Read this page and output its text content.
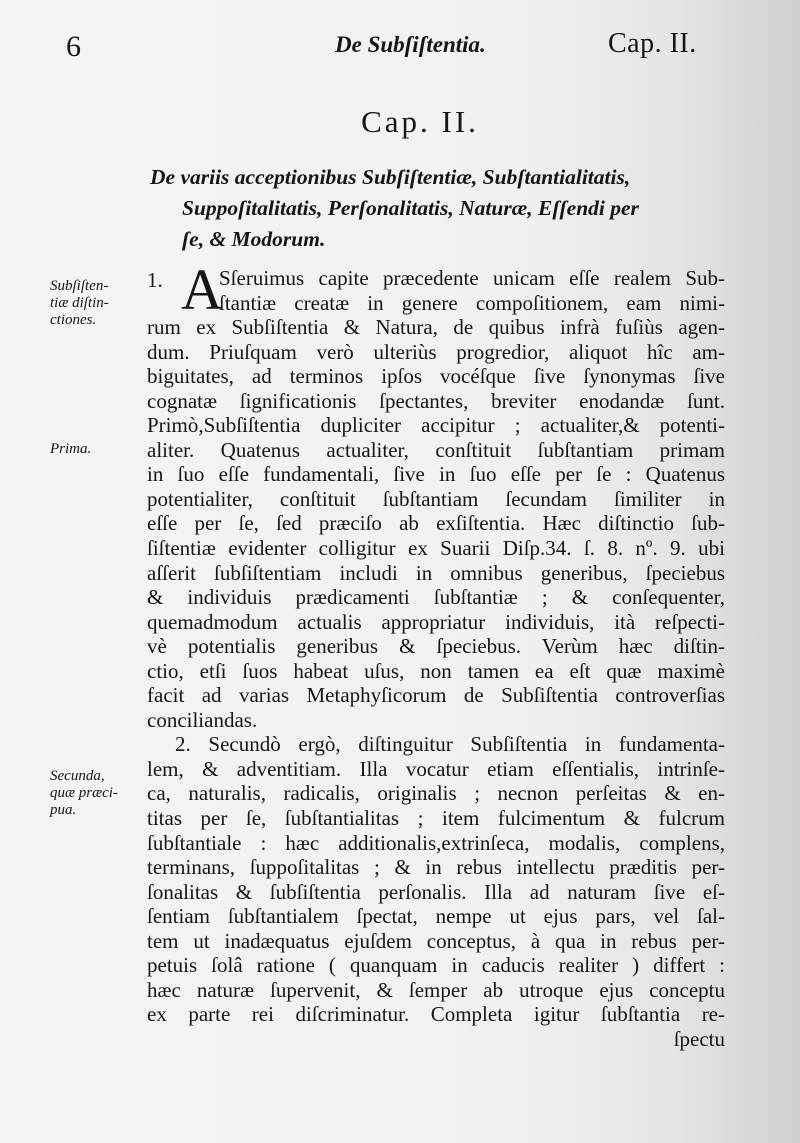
6	De Subſiſtentia.	Cap. II.
Cap. II.
De variis acceptionibus Subſiſtentiæ, Subſtantialitatis,
Suppoſitalitatis, Perſonalitatis, Naturæ, Eſſendi per
ſe, & Modorum.
Subſiſten-
tiæ diſtin-
ctiones.
Prima.
Secunda,
quæ præci-
pua.
1. A
Sſeruimus capite præcedente unicam eſſe realem Sub-
ſtantiæ creatæ in genere compoſitionem, eam nimi-
rum ex Subſiſtentia & Natura, de quibus infrà fuſiùs agen-
dum. Priuſquam verò ulteriùs progredior, aliquot hîc am-
biguitates, ad terminos ipſos vocéſque ſive ſynonymas ſive
cognatæ ſignificationis ſpectantes, breviter enodandæ ſunt.
Primò,Subſiſtentia dupliciter accipitur ; actualiter,& potenti-
aliter. Quatenus actualiter, conſtituit ſubſtantiam primam
in ſuo eſſe fundamentali, ſive in ſuo eſſe per ſe : Quatenus
potentialiter, conſtituit ſubſtantiam ſecundam ſimiliter in
eſſe per ſe, ſed præciſo ab exſiſtentia. Hæc diſtinctio ſub-
ſiſtentiæ evidenter colligitur ex Suarii Diſp.34. ſ. 8. nº. 9. ubi
aſſerit ſubſiſtentiam includi in omnibus generibus, ſpeciebus
& individuis prædicamenti ſubſtantiæ ; & conſequenter,
quemadmodum actualis appropriatur individuis, ità reſpecti-
vè potentialis generibus & ſpeciebus. Verùm hæc diſtin-
ctio, etſi ſuos habeat uſus, non tamen ea eſt quæ maximè
facit ad varias Metaphyſicorum de Subſiſtentia controverſias
conciliandas.
2. Secundò ergò, diſtinguitur Subſiſtentia in fundamenta-
lem, & adventitiam. Illa vocatur etiam eſſentialis, intrinſe-
ca, naturalis, radicalis, originalis ; necnon perſeitas & en-
titas per ſe, ſubſtantialitas ; item fulcimentum & fulcrum
ſubſtantiale : hæc additionalis,extrinſeca, modalis, complens,
terminans, ſuppoſitalitas ; & in rebus intellectu præditis per-
ſonalitas & ſubſiſtentia perſonalis. Illa ad naturam ſive eſ-
ſentiam ſubſtantialem ſpectat, nempe ut ejus pars, vel ſal-
tem ut inadæquatus ejuſdem conceptus, à qua in rebus per-
petuis ſolâ ratione ( quanquam in caducis realiter ) differt :
hæc naturæ ſupervenit, & ſemper ab utroque ejus conceptu
ex parte rei diſcriminatur. Completa igitur ſubſtantia re-
ſpectu
